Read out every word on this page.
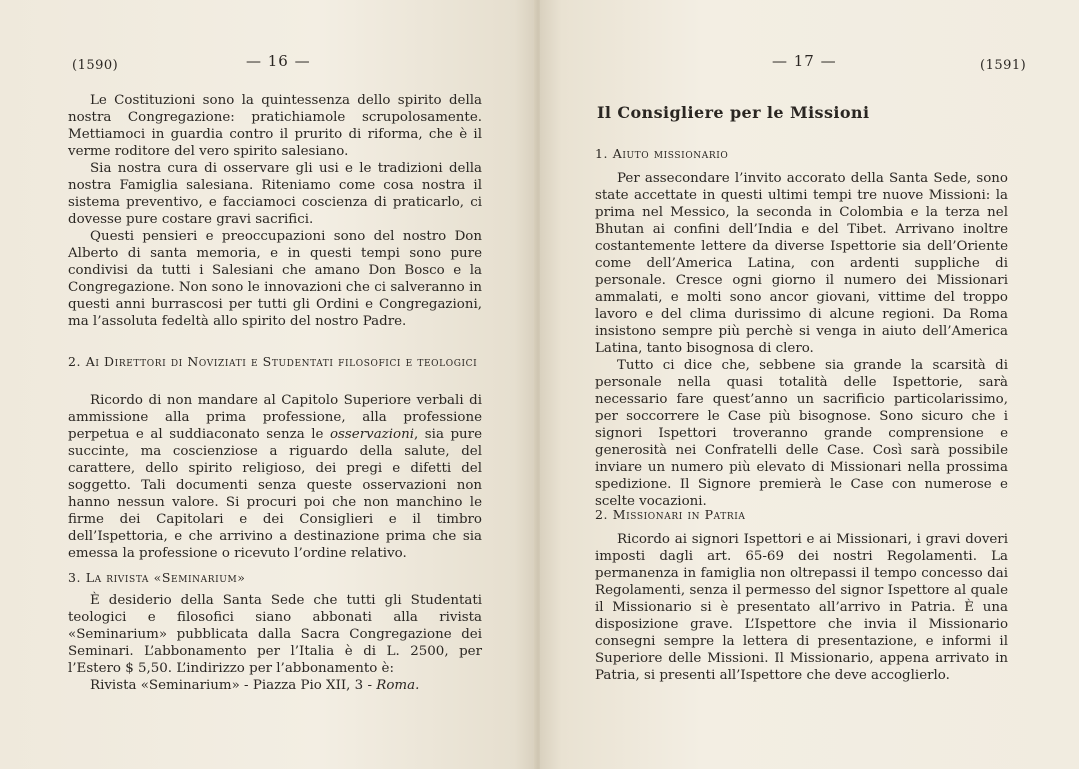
(1590)	— 16 —

Le Costituzioni sono la quintessenza dello spirito della nostra Congregazione: pratichiamole scrupolosamente. Mettiamoci in guardia contro il prurito di riforma, che è il verme roditore del vero spirito salesiano.

Sia nostra cura di osservare gli usi e le tradizioni della nostra Famiglia salesiana. Riteniamo come cosa nostra il sistema preventivo, e facciamoci coscienza di praticarlo, ci dovesse pure costare gravi sacrifici.

Questi pensieri e preoccupazioni sono del nostro Don Alberto di santa memoria, e in questi tempi sono pure condivisi da tutti i Salesiani che amano Don Bosco e la Congregazione. Non sono le innovazioni che ci salveranno in questi anni burrascosi per tutti gli Ordini e Congregazioni, ma l’assoluta fedeltà allo spirito del nostro Padre.

2. Ai Direttori di Noviziati e Studentati filosofici e teologici

Ricordo di non mandare al Capitolo Superiore verbali di ammissione alla prima professione, alla professione perpetua e al suddiaconato senza le osservazioni, sia pure succinte, ma coscienziose a riguardo della salute, del carattere, dello spirito religioso, dei pregi e difetti del soggetto. Tali documenti senza queste osservazioni non hanno nessun valore. Si procuri poi che non manchino le firme dei Capitolari e dei Consiglieri e il timbro dell’Ispettoria, e che arrivino a destinazione prima che sia emessa la professione o ricevuto l’ordine relativo.

3. La rivista «Seminarium»

È desiderio della Santa Sede che tutti gli Studentati teologici e filosofici siano abbonati alla rivista «Seminarium» pubblicata dalla Sacra Congregazione dei Seminari. L’abbonamento per l’Italia è di L. 2500, per l’Estero $ 5,50. L’indirizzo per l’abbonamento è:

Rivista «Seminarium» - Piazza Pio XII, 3 - Roma.

— 17 —	(1591)
Il Consigliere per le Missioni
1. Aiuto missionario

Per assecondare l’invito accorato della Santa Sede, sono state accettate in questi ultimi tempi tre nuove Missioni: la prima nel Messico, la seconda in Colombia e la terza nel Bhutan ai confini dell’India e del Tibet. Arrivano inoltre costantemente lettere da diverse Ispettorie sia dell’Oriente come dell’America Latina, con ardenti suppliche di personale. Cresce ogni giorno il numero dei Missionari ammalati, e molti sono ancor giovani, vittime del troppo lavoro e del clima durissimo di alcune regioni. Da Roma insistono sempre più perchè si venga in aiuto dell’America Latina, tanto bisognosa di clero.

Tutto ci dice che, sebbene sia grande la scarsità di personale nella quasi totalità delle Ispettorie, sarà necessario fare quest’anno un sacrificio particolarissimo, per soccorrere le Case più bisognose. Sono sicuro che i signori Ispettori troveranno grande comprensione e generosità nei Confratelli delle Case. Così sarà possibile inviare un numero più elevato di Missionari nella prossima spedizione. Il Signore premierà le Case con numerose e scelte vocazioni.

2. Missionari in Patria

Ricordo ai signori Ispettori e ai Missionari, i gravi doveri imposti dagli art. 65-69 dei nostri Regolamenti. La permanenza in famiglia non oltrepassi il tempo concesso dai Regolamenti, senza il permesso del signor Ispettore al quale il Missionario si è presentato all’arrivo in Patria. È una disposizione grave. L’Ispettore che invia il Missionario consegni sempre la lettera di presentazione, e informi il Superiore delle Missioni. Il Missionario, appena arrivato in Patria, si presenti all’Ispettore che deve accoglierlo.
